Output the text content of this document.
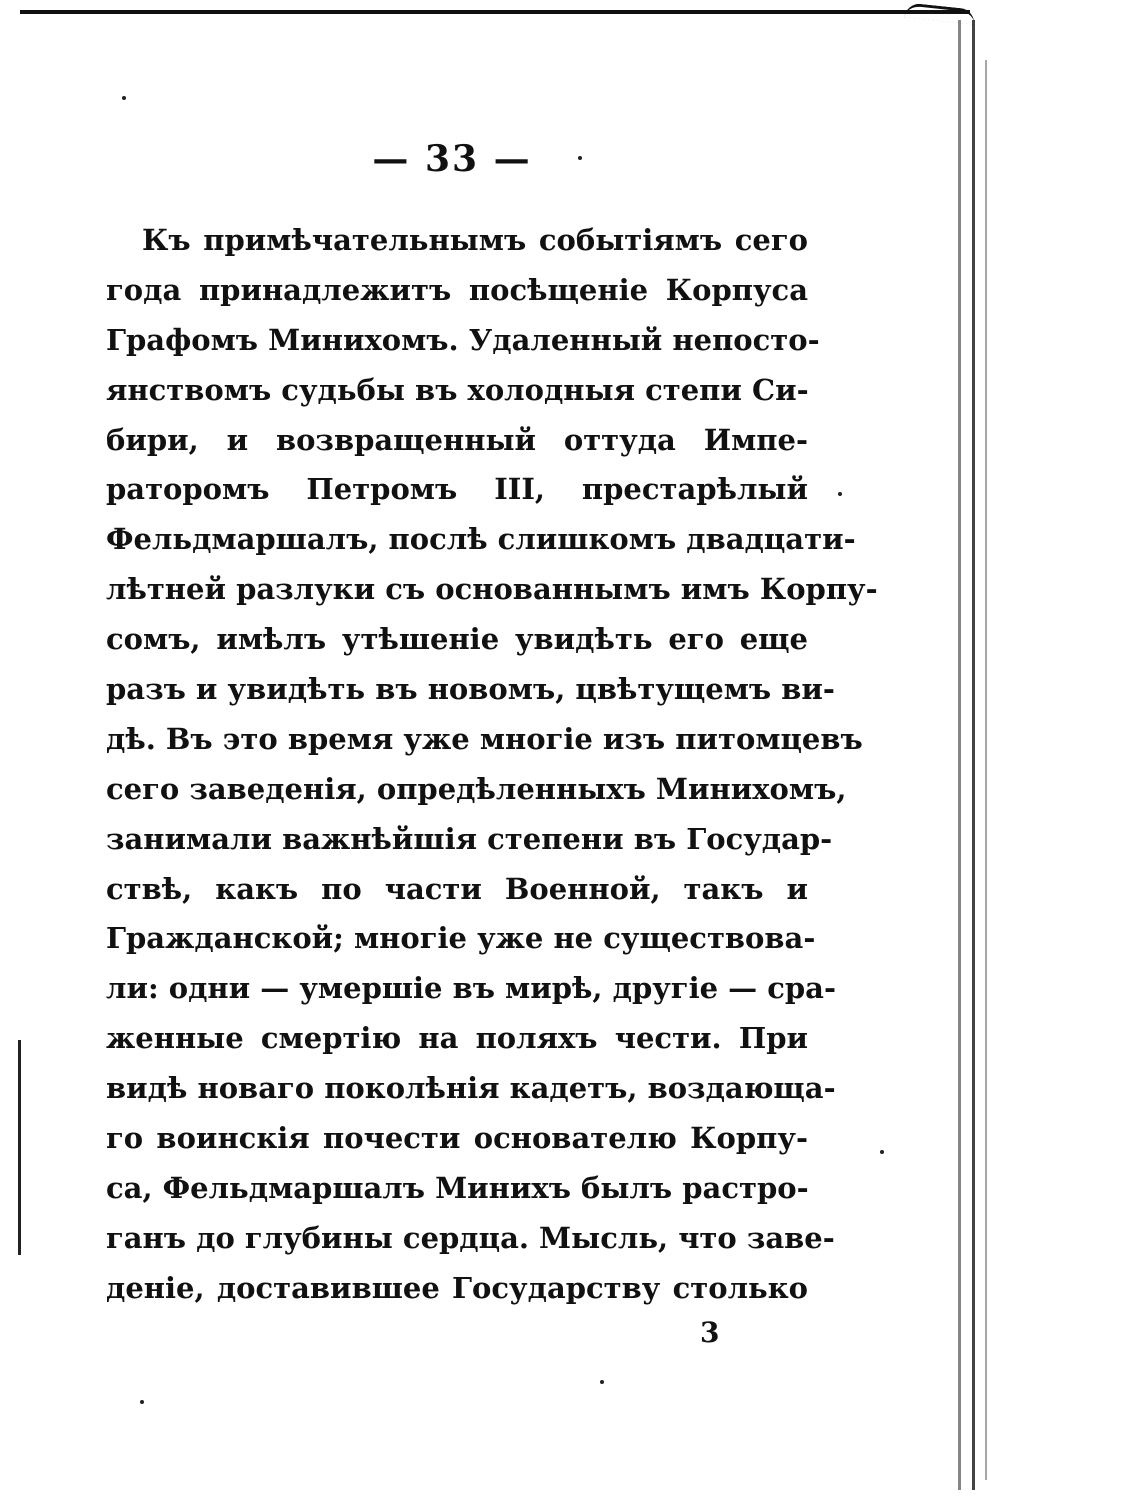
— 33 —
Къ примѣчательнымъ событіямъ сего
года принадлежитъ посѣщеніе Корпуса
Графомъ Минихомъ. Удаленный непосто-
янствомъ судьбы въ холодныя степи Си-
бири, и возвращенный оттуда Импе-
раторомъ Петромъ III, престарѣлый
Фельдмаршалъ, послѣ слишкомъ двадцати-
лѣтней разлуки съ основаннымъ имъ Корпу-
сомъ, имѣлъ утѣшеніе увидѣть его еще
разъ и увидѣть въ новомъ, цвѣтущемъ ви-
дѣ. Въ это время уже многіе изъ питомцевъ
сего заведенія, опредѣленныхъ Минихомъ,
занимали важнѣйшія степени въ Государ-
ствѣ, какъ по части Военной, такъ и
Гражданской; многіе уже не существова-
ли: одни — умершіе въ мирѣ, другіе — сра-
женные смертію на поляхъ чести. При
видѣ новаго поколѣнія кадетъ, воздающа-
го воинскія почести основателю Корпу-
са, Фельдмаршалъ Минихъ былъ растро-
ганъ до глубины сердца. Мысль, что заве-
деніе, доставившее Государству столько
3
